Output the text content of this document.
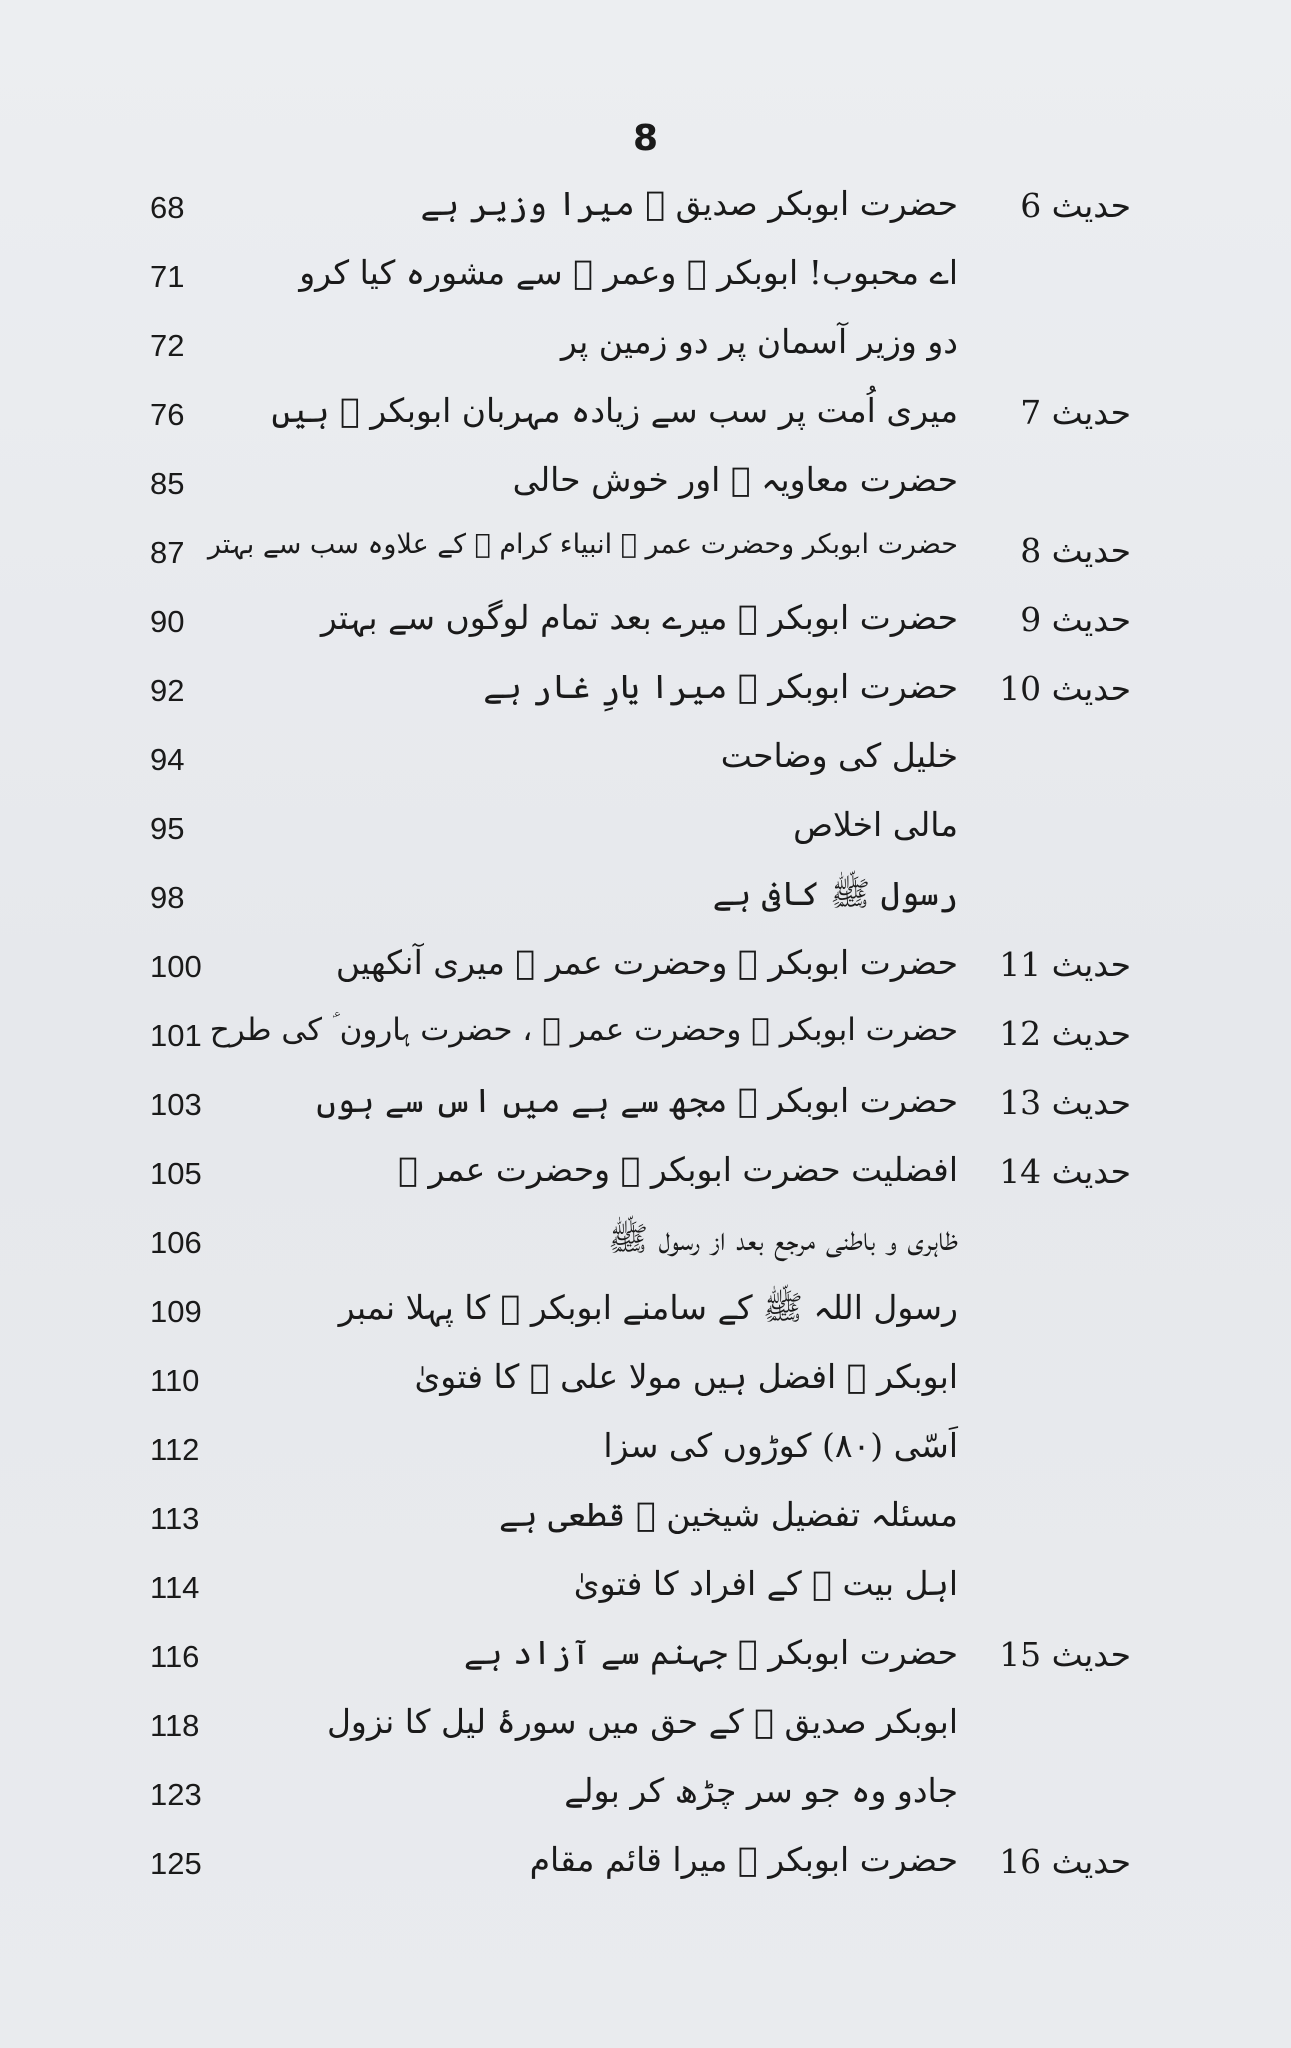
8
68	حضرت ابوبکر صدیق ﷜ میرا وزیر ہے حدیث 6
71	اے محبوب! ابوبکر ﷜ وعمر ﷜ سے مشورہ کیا کرو
72	دو وزیر آسمان پر دو زمین پر
76	میری اُمت پر سب سے زیادہ مہربان ابوبکر ﷜ ہیں حدیث 7
85	حضرت معاویہ ﷜ اور خوش حالی
87 حضرت ابوبکر وحضرت عمر ﷠ انبیاء کرام ﷩ کے علاوہ سب سے بہتر حدیث 8
90	حضرت ابوبکر ﷜ میرے بعد تمام لوگوں سے بہتر حدیث 9
92	حضرت ابوبکر ﷜ میرا یارِ غار ہے حدیث 10
94	خلیل کی وضاحت
95	مالی اخلاص
98	رسول ﷺ کافی ہے
100	حضرت ابوبکر ﷜ وحضرت عمر ﷜ میری آنکھیں حدیث 11
101 حضرت ابوبکر ﷜ وحضرت عمر ﷜ ، حضرت ہارون ؑ کی طرح حدیث 12
103	حضرت ابوبکر ﷜ مجھ سے ہے میں اس سے ہوں حدیث 13
105	افضلیت حضرت ابوبکر ﷜ وحضرت عمر ﷜ حدیث 14
106	ظاہری و باطنی مرجع بعد از رسول ﷺ
109	رسول اللہ ﷺ کے سامنے ابوبکر ﷜ کا پہلا نمبر
110	ابوبکر ﷜ افضل ہیں مولا علی ﷜ کا فتویٰ
112	اَسّی (۸۰) کوڑوں کی سزا
113	مسئلہ تفضیل شیخین ﷠ قطعی ہے
114	اہل بیت ﷢ کے افراد کا فتویٰ
116	حضرت ابوبکر ﷜ جہنم سے آزاد ہے حدیث 15
118	ابوبکر صدیق ﷜ کے حق میں سورۂ لیل کا نزول
123	جادو وہ جو سر چڑھ کر بولے
125	حضرت ابوبکر ﷜ میرا قائم مقام حدیث 16
